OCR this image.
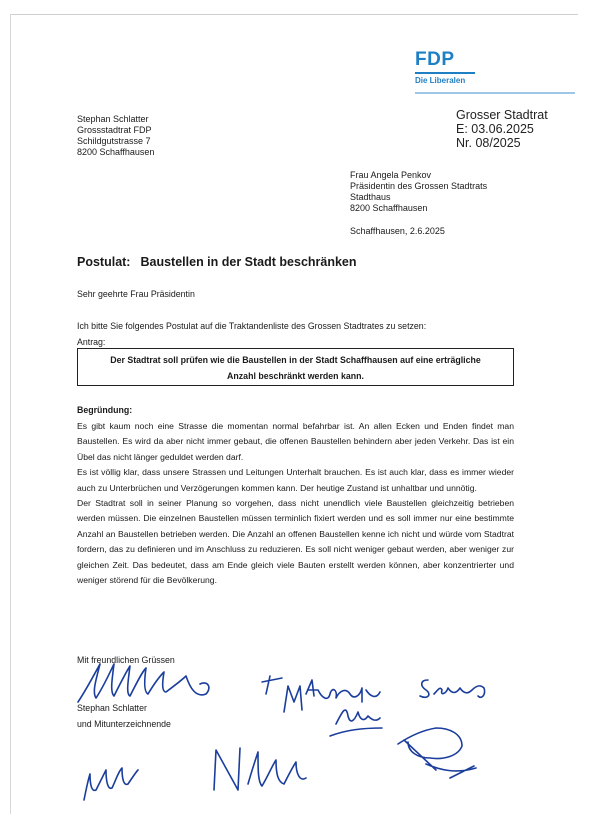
FDP
Die Liberalen
Grosser Stadtrat
E: 03.06.2025
Nr. 08/2025
Stephan Schlatter
Grossstadtrat FDP
Schildgutstrasse 7
8200 Schaffhausen
Frau Angela Penkov
Präsidentin des Grossen Stadtrats
Stadthaus
8200 Schaffhausen
Schaffhausen, 2.6.2025
Postulat: Baustellen in der Stadt beschränken
Sehr geehrte Frau Präsidentin
Ich bitte Sie folgendes Postulat auf die Traktandenliste des Grossen Stadtrates zu setzen:
Antrag:
Der Stadtrat soll prüfen wie die Baustellen in der Stadt Schaffhausen auf eine erträgliche
Anzahl beschränkt werden kann.
Begründung:

Es gibt kaum noch eine Strasse die momentan normal befahrbar ist. An allen Ecken und Enden findet man Baustellen. Es wird da aber nicht immer gebaut, die offenen Baustellen behindern aber jeden Verkehr. Das ist ein Übel das nicht länger geduldet werden darf.

Es ist völlig klar, dass unsere Strassen und Leitungen Unterhalt brauchen. Es ist auch klar, dass es immer wieder auch zu Unterbrüchen und Verzögerungen kommen kann. Der heutige Zustand ist unhaltbar und unnötig.

Der Stadtrat soll in seiner Planung so vorgehen, dass nicht unendlich viele Baustellen gleichzeitig betrieben werden müssen. Die einzelnen Baustellen müssen terminlich fixiert werden und es soll immer nur eine bestimmte Anzahl an Baustellen betrieben werden. Die Anzahl an offenen Baustellen kenne ich nicht und würde vom Stadtrat fordern, das zu definieren und im Anschluss zu reduzieren. Es soll nicht weniger gebaut werden, aber weniger zur gleichen Zeit. Das bedeutet, dass am Ende gleich viele Bauten erstellt werden können, aber konzentrierter und weniger störend für die Bevölkerung.

Mit freundlichen Grüssen
Stephan Schlatter
und Mitunterzeichnende
